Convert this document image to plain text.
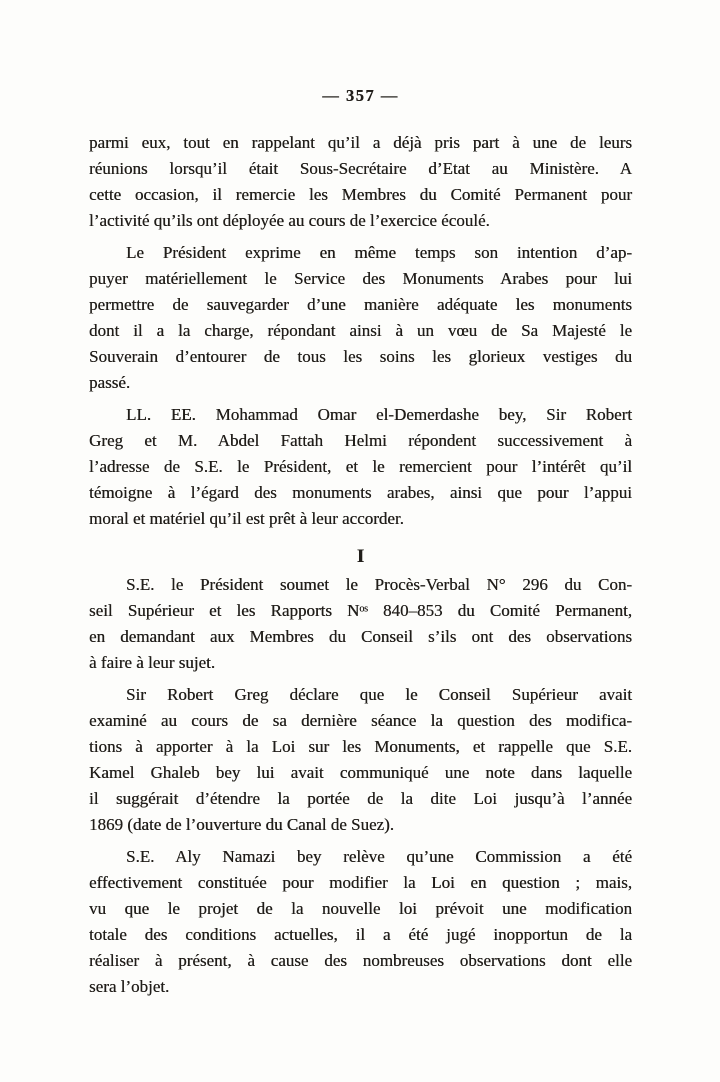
— 357 —
parmi eux, tout en rappelant qu’il a déjà pris part à une de leurs
réunions lorsqu’il était Sous-Secrétaire d’Etat au Ministère. A
cette occasion, il remercie les Membres du Comité Permanent pour
l’activité qu’ils ont déployée au cours de l’exercice écoulé.
Le Président exprime en même temps son intention d’ap-
puyer matériellement le Service des Monuments Arabes pour lui
permettre de sauvegarder d’une manière adéquate les monuments
dont il a la charge, répondant ainsi à un vœu de Sa Majesté le
Souverain d’entourer de tous les soins les glorieux vestiges du
passé.
LL. EE. Mohammad Omar el-Demerdashe bey, Sir Robert
Greg et M. Abdel Fattah Helmi répondent successivement à
l’adresse de S.E. le Président, et le remercient pour l’intérêt qu’il
témoigne à l’égard des monuments arabes, ainsi que pour l’appui
moral et matériel qu’il est prêt à leur accorder.
I
S.E. le Président soumet le Procès-Verbal N° 296 du Con-
seil Supérieur et les Rapports Nᵒˢ 840–853 du Comité Permanent,
en demandant aux Membres du Conseil s’ils ont des observations
à faire à leur sujet.
Sir Robert Greg déclare que le Conseil Supérieur avait
examiné au cours de sa dernière séance la question des modifica-
tions à apporter à la Loi sur les Monuments, et rappelle que S.E.
Kamel Ghaleb bey lui avait communiqué une note dans laquelle
il suggérait d’étendre la portée de la dite Loi jusqu’à l’année
1869 (date de l’ouverture du Canal de Suez).
S.E. Aly Namazi bey relève qu’une Commission a été
effectivement constituée pour modifier la Loi en question ; mais,
vu que le projet de la nouvelle loi prévoit une modification
totale des conditions actuelles, il a été jugé inopportun de la
réaliser à présent, à cause des nombreuses observations dont elle
sera l’objet.
